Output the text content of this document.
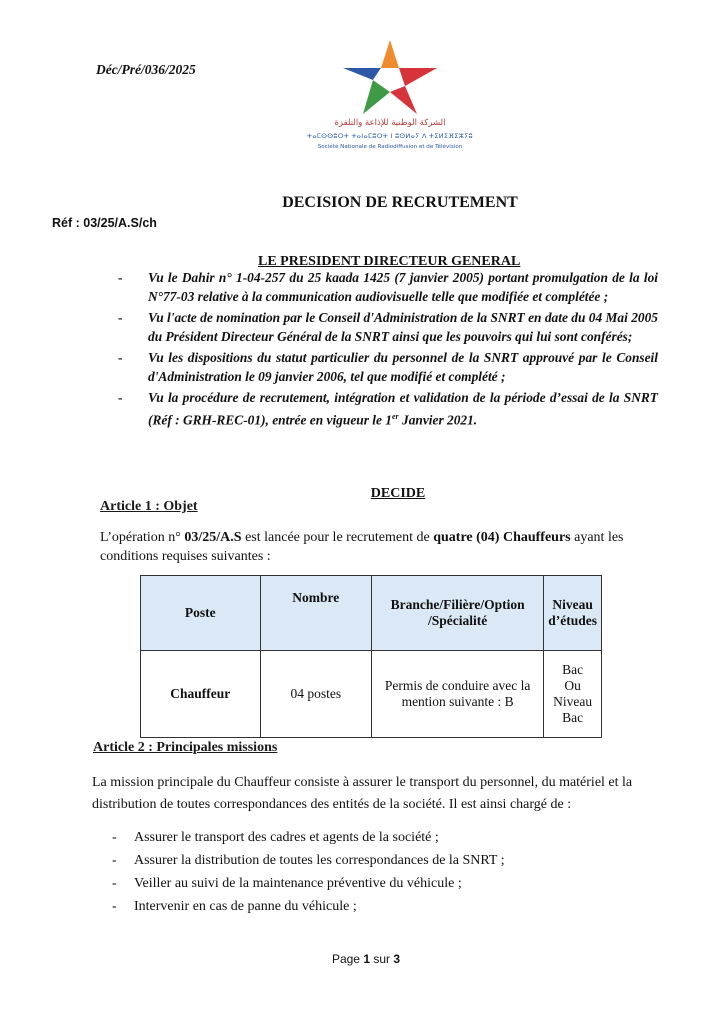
Déc/Pré/036/2025
الشركة الوطنية للإذاعة والتلفزة
ⵜⴰⵎⵙⵙⵓⵔⵜ ⵜⴰⵏⴰⵎⵓⵔⵜ ⵏ ⵓⵙⵍⴰⵢ ⴷ ⵜⵉⵍⵉⴼⵉⵣⵢⵓ
Société Nationale de Radiodiffusion et de Télévision
DECISION DE RECRUTEMENT
Réf : 03/25/A.S/ch
LE PRESIDENT DIRECTEUR GENERAL
- Vu le Dahir n° 1-04-257 du 25 kaada 1425 (7 janvier 2005) portant promulgation de la loi N°77-03 relative à la communication audiovisuelle telle que modifiée et complétée ;
- Vu l'acte de nomination par le Conseil d'Administration de la SNRT en date du 04 Mai 2005 du Président Directeur Général de la SNRT ainsi que les pouvoirs qui lui sont conférés;
- Vu les dispositions du statut particulier du personnel de la SNRT approuvé par le Conseil d'Administration le 09 janvier 2006, tel que modifié et complété ;
- Vu la procédure de recrutement, intégration et validation de la période d’essai de la SNRT (Réf : GRH-REC-01), entrée en vigueur le 1er Janvier 2021.
DECIDE
Article 1 : Objet
L’opération n° 03/25/A.S est lancée pour le recrutement de quatre (04) Chauffeurs ayant les conditions requises suivantes :
Poste	Nombre	Branche/Filière/Option /Spécialité	Niveau d’études
Chauffeur	04 postes	Permis de conduire avec la mention suivante : B	Bac
Ou
Niveau Bac
Article 2 : Principales missions
La mission principale du Chauffeur consiste à assurer le transport du personnel, du matériel et la distribution de toutes correspondances des entités de la société. Il est ainsi chargé de :
- Assurer le transport des cadres et agents de la société ;
- Assurer la distribution de toutes les correspondances de la SNRT ;
- Veiller au suivi de la maintenance préventive du véhicule ;
- Intervenir en cas de panne du véhicule ;
Page 1 sur 3
